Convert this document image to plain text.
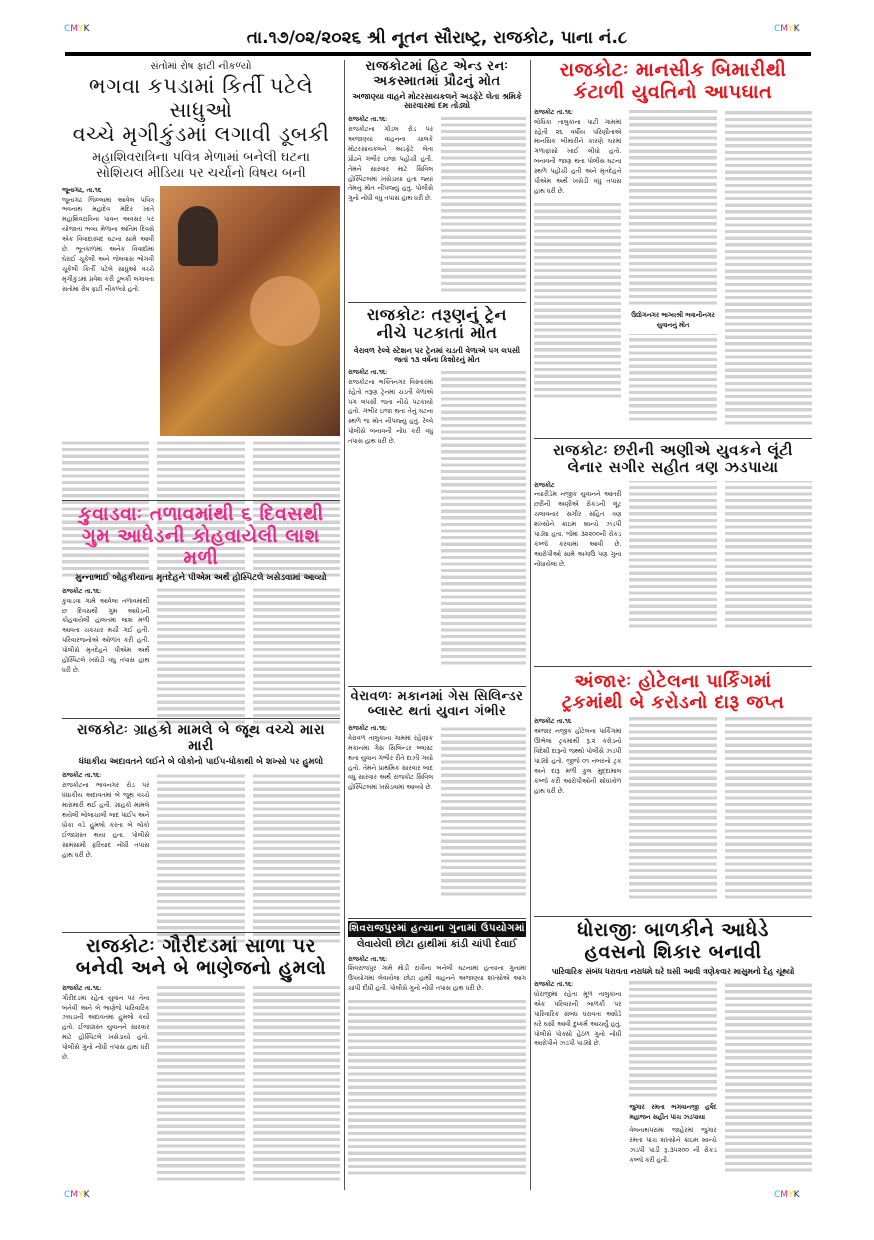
CMYK	CMYK
CMYK	CMYK
તા.૧૭/૦૨/૨૦૨૬ શ્રી નૂતન સૌરાષ્ટ્ર, રાજકોટ, પાના નં.૮
સંતોમાં રોષ ફાટી નીકળ્યો
ભગવા કપડામાં કિર્તી પટેલે સાધુઓ
વચ્ચે મૃગીકુંડમાં લગાવી ડૂબકી
મહાશિવરાત્રિના પવિત્ર મેળામાં બનેલી ઘટના
સોશિયલ મીડિયા પર ચર્ચાનો વિષય બની
જૂનાગઢ, તા.૧૬
જૂનાગઢ જિલ્લામાં આવેલ પવિત્ર ભવનાથ મહાદેવ મંદિર ખાતે મહાશિવરાત્રિના પાવન અવસર પર યોજાતા ભવ્ય મેળાના અંતિમ દિવસે એક વિવાદાસ્પદ ઘટના સામે આવી છે. ભૂતકાળમાં અનેક વિવાદોમાં ઘેરાઈ ચૂકેલી અને જેલવાસ ભોગવી ચૂકેલી કિર્તી પટેલે સાધુઓ વચ્ચે મૃગીકુંડમાં પ્રવેશ કરી ડૂબકી લગાવતા સંતોમાં રોષ ફાટી નીકળ્યો હતો.
કુવાડવાઃ તળાવમાંથી ૬ દિવસથી
ગુમ આધેડની કોહવાયેલી લાશ મળી
મુન્નાભાઈ બોહકીયાના મૃતદેહને પીએમ અર્થે હોસ્પિટલે ખસેડવામાં આવ્યો
રાજકોટ તા.૧૬ઃ
કુવાડવા ગામે આવેલા તળાવમાંથી છ દિવસથી ગુમ આધેડની કોહવાયેલી હાલતમાં લાશ મળી આવતા ચકચાર મચી ગઈ હતી. પરિવારજનોએ ઓળખ કરી હતી. પોલીસે મૃતદેહને પીએમ અર્થે હોસ્પિટલે ખસેડી વધુ તપાસ હાથ ધરી છે.
રાજકોટઃ ગ્રાહકો મામલે બે જૂથ વચ્ચે મારા મારી
ધંધાકીય અદાવતને લઈને બે લોકોનો પાઈપ-ધોકાથી બે શખ્સો પર હુમલો
રાજકોટ તા.૧૬ઃ
રાજકોટના ભાવનગર રોડ પર ધંધાકીય અદાવતમાં બે જૂથ વચ્ચે મારામારી થઈ હતી. ગ્રાહકો મામલે થયેલી બોલાચાલી બાદ પાઈપ અને ધોકા વડે હુમલો કરતા બે લોકો ઈજાગ્રસ્ત થયા હતા. પોલીસે સામસામી ફરિયાદ નોંધી તપાસ હાથ ધરી છે.
રાજકોટઃ ગૌરીદડમાં સાળા પર
બનેવી અને બે ભાણેજનો હુમલો
રાજકોટ તા.૧૬ઃ
ગૌરીદડમાં રહેતા યુવાન પર તેના બનેવી અને બે ભાણેજે પારિવારિક ઝઘડાની અદાવતમાં હુમલો કર્યો હતો. ઈજાગ્રસ્ત યુવાનને સારવાર માટે હોસ્પિટલે ખસેડાયો હતો. પોલીસે ગુનો નોંધી તપાસ હાથ ધરી છે.
રાજકોટમાં હિટ એન્ડ રનઃ
અકસ્માતમાં પ્રૌઢનું મોત
અજાણ્યા વાહને મોટરસાયકલને અડફેટે લેતા શ્રમિકે સારવારમાં દમ તોડ્યો
રાજકોટ તા.૧૬ઃ
રાજકોટના ગોંડલ રોડ પર અજાણ્યા વાહનના ચાલકે મોટરસાયકલને અડફેટે લેતા પ્રૌઢને ગંભીર ઇજા પહોંચી હતી. તેમને સારવાર માટે સિવિલ હોસ્પિટલમાં ખસેડાયા હતા જ્યાં તેમનું મોત નીપજ્યું હતું. પોલીસે ગુનો નોંધી વધુ તપાસ હાથ ધરી છે.
રાજકોટઃ તરૂણનું ટ્રેન
નીચે પટકાતાં મોત
વેરાવળ રેલ્વે સ્ટેશન પર ટ્રેનમાં ચડતી વેળાએ પગ લપસી જતાં ૧૩ વર્ષના કિશોરનું મોત
રાજકોટ તા.૧૬ઃ
રાજકોટના ભક્તિનગર વિસ્તારમાં રહેતો તરૂણ ટ્રેનમાં ચડતી વેળાએ પગ લપસી જતા નીચે પટકાયો હતો. ગંભીર ઇજા થતા તેનું ઘટના સ્થળે જ મોત નીપજ્યું હતું. રેલ્વે પોલીસે બનાવની નોંધ કરી વધુ તપાસ હાથ ધરી છે.
વેરાવળઃ મકાનમાં ગેસ સિલિન્ડર
બ્લાસ્ટ થતાં યુવાન ગંભીર
રાજકોટ તા.૧૬ઃ
વેરાવળ તાલુકાના ગામમાં રહેણાંક મકાનમાં ગેસ સિલિન્ડર બ્લાસ્ટ થતા યુવાન ગંભીર રીતે દાઝી ગયો હતો. તેમને પ્રાથમિક સારવાર બાદ વધુ સારવાર અર્થે રાજકોટ સિવિલ હોસ્પિટલમાં ખસેડવામાં આવ્યો છે.
શિવરાજપુરમાં હત્યાના ગુનામાં ઉપયોગમાં
લેવાયેલી છોટા હાથીમાં કાંડી ચાંપી દેવાઈ
રાજકોટ તા.૧૬ઃ
શિવરાજપુર ગામે મોડી રાત્રીના બનેલી ઘટનામાં હત્યાના ગુનામાં ઉપયોગમાં લેવાયેલા છોટા હાથી વાહનને અજાણ્યા શખ્સોએ આગ ચાંપી દીધી હતી. પોલીસે ગુનો નોંધી તપાસ હાથ ધરી છે.
રાજકોટઃ માનસીક બિમારીથી
કંટાળી યુવતિનો આપઘાત
રાજકોટ તા.૧૬ઃ
લોધિકા તાલુકાના પાટી ગામમાં રહેતી ૨૬ વર્ષીય પરિણીતાએ માનસિક બીમારીને કારણે ઘરમાં ગળાફાંસો ખાઈ લીધો હતો. બનાવની જાણ થતા પોલીસ ઘટના સ્થળે પહોંચી હતી અને મૃતદેહને પીએમ અર્થે ખસેડી વધુ તપાસ હાથ ધરી છે.
ઉદ્યોગનગર ભાગ્યશ્રી ભવાનીનગર યુવાનનું મોત
રાજકોટઃ છરીની અણીએ યુવકને લૂંટી
લેનાર સગીર સહીત ત્રણ ઝડપાયા
રાજકોટ
ન્યારીડેમ નજીક યુવાનને આંતરી છરીની અણીએ રોકડની લૂંટ ચલાવનાર સગીર સહિત ત્રણ શખ્સોને ક્રાઇમ બ્રાન્ચે ઝડપી પાડ્યા હતા. જેમાં ૩૨૨૦૦ની રોકડ કબ્જે કરવામાં આવી છે. આરોપીઓ સામે અગાઉ પણ ગુના નોંધાયેલા છે.
અંજારઃ હોટેલના પાર્કિંગમાં
ટ્રકમાંથી બે કરોડનો દારૂ જપ્ત
રાજકોટ તા.૧૬
અંજાર નજીક હોટેલના પાર્કિંગમાં ઊભેલા ટ્રકમાંથી રૂ.૨ કરોડનો વિદેશી દારૂનો જથ્થો પોલીસે ઝડપી પાડ્યો હતો. જીજે ૦૧ નંબરનો ટ્રક અને દારૂ મળી કુલ મુદ્દામાલ કબ્જે કરી આરોપીઓની શોધખોળ હાથ ધરી છે.
ધોરાજીઃ બાળકીને આધેડે
હવસનો શિકાર બનાવી
પારિવારિક સંબંધ ધરાવતા નરાધમે ઘરે ઘસી આવી ત્રણેકવાર માસુમનો દેહ ચૂંથ્યો
રાજકોટ તા.૧૬ઃ
ધોરાજીમાં રહેતા મૂળ તાલુકાના એક પરિવારની બાળકી પર પારિવારિક સંબંધ ધરાવતા આધેડે ઘરે ઘસી આવી દુષ્કર્મ આચર્યું હતું. પોલીસે પોક્સો હેઠળ ગુનો નોંધી આરોપીને ઝડપી પાડ્યો છે.
જુગાર રમતા ભગવાનજી હર્ષદ મહાજન સહીત પાંચ ઝડપાયા
વેલનાથપરામાં જાહેરમાં જુગાર રમતાં પાંચ શખ્સોને ક્રાઇમ બ્રાન્ચે ઝડપી પાડી રૂ.૩૫૨૦૦ ની રોકડ કબ્જે કરી હતી.
